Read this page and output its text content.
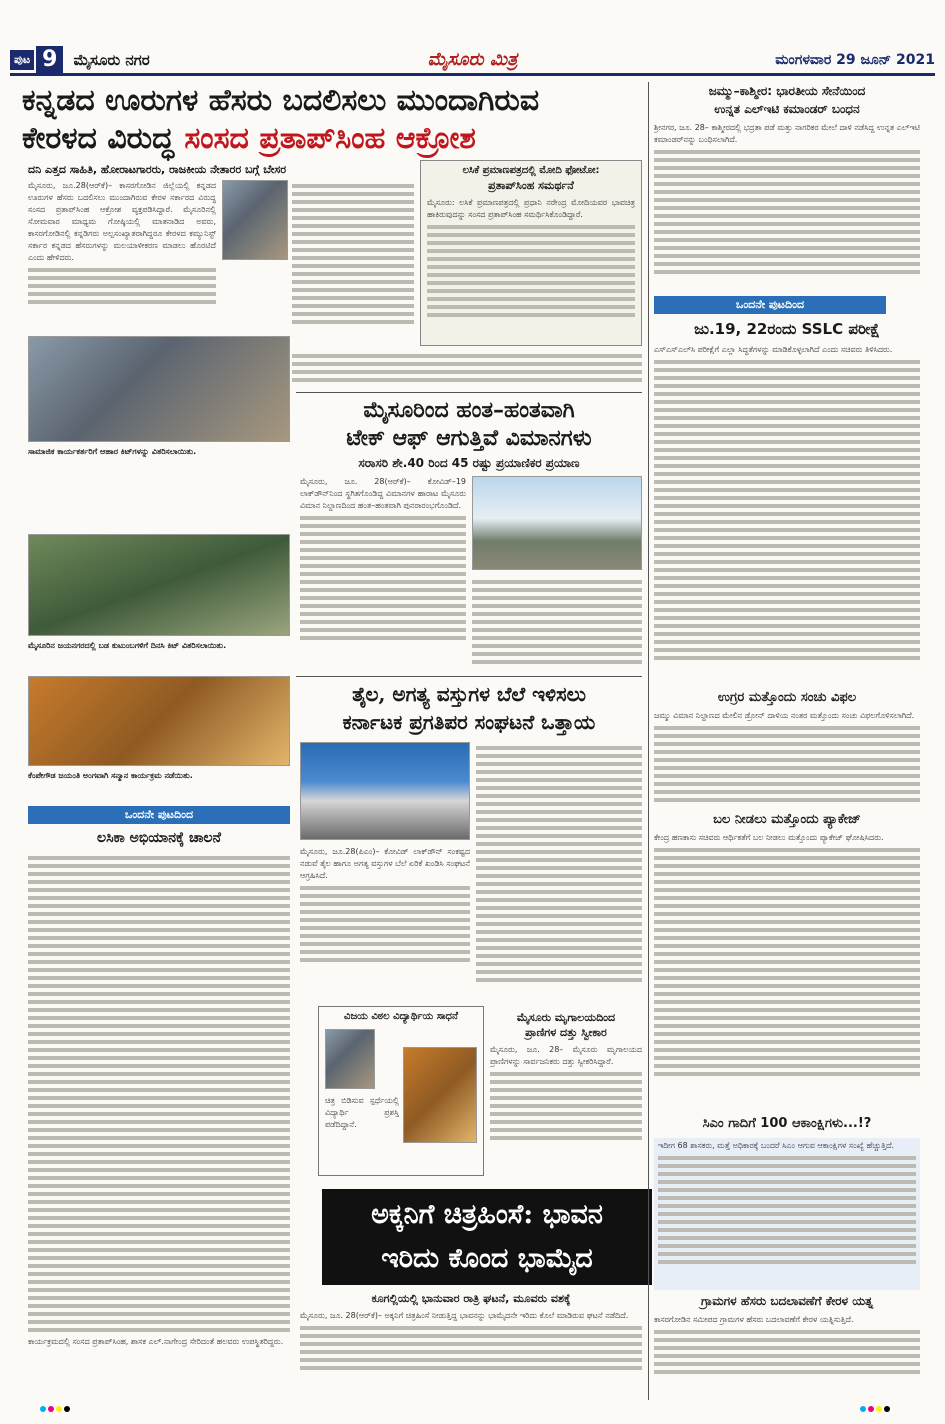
ಪುಟ 9	ಮೈಸೂರು ನಗರ	ಮೈಸೂರು ಮಿತ್ರ	ಮಂಗಳವಾರ 29 ಜೂನ್ 2021
ಕನ್ನಡದ ಊರುಗಳ ಹೆಸರು ಬದಲಿಸಲು ಮುಂದಾಗಿರುವ
ಕೇರಳದ ವಿರುದ್ಧ ಸಂಸದ ಪ್ರತಾಪ್‌ಸಿಂಹ ಆಕ್ರೋಶ
ದನಿ ಎತ್ತದ ಸಾಹಿತಿ, ಹೋರಾಟಗಾರರು, ರಾಜಕೀಯ ನೇತಾರರ ಬಗ್ಗೆ ಬೇಸರ

ಮೈಸೂರು, ಜೂ.28(ಆರ್‌ಕೆ)– ಕಾಸರಗೋಡಿನ ಜಿಲ್ಲೆಯಲ್ಲಿ ಕನ್ನಡದ ಊರುಗಳ ಹೆಸರು ಬದಲಿಸಲು ಮುಂದಾಗಿರುವ ಕೇರಳ ಸರ್ಕಾರದ ವಿರುದ್ಧ ಸಂಸದ ಪ್ರತಾಪ್‌ಸಿಂಹ ಆಕ್ರೋಶ ವ್ಯಕ್ತಪಡಿಸಿದ್ದಾರೆ. ಮೈಸೂರಿನಲ್ಲಿ ಸೋಮವಾರ ಮಾಧ್ಯಮ ಗೋಷ್ಠಿಯಲ್ಲಿ ಮಾತನಾಡಿದ ಅವರು, ಕಾಸರಗೋಡಿನಲ್ಲಿ ಕನ್ನಡಿಗರು ಅಲ್ಪಸಂಖ್ಯಾತರಾಗಿದ್ದರೂ ಕೇರಳದ ಕಮ್ಯುನಿಸ್ಟ್ ಸರ್ಕಾರ ಕನ್ನಡದ ಹೆಸರುಗಳನ್ನು ಮಲಯಾಳೀಕರಣ ಮಾಡಲು ಹೊರಟಿದೆ ಎಂದು ಹೇಳಿದರು.

ಲಸಿಕೆ ಪ್ರಮಾಣಪತ್ರದಲ್ಲಿ ಮೋದಿ ಫೋಟೋ:
ಪ್ರತಾಪ್‌ಸಿಂಹ ಸಮರ್ಥನೆ

ಮೈಸೂರು: ಲಸಿಕೆ ಪ್ರಮಾಣಪತ್ರದಲ್ಲಿ ಪ್ರಧಾನಿ ನರೇಂದ್ರ ಮೋದಿಯವರ ಭಾವಚಿತ್ರ ಹಾಕಿರುವುದನ್ನು ಸಂಸದ ಪ್ರತಾಪ್‌ಸಿಂಹ ಸಮರ್ಥಿಸಿಕೊಂಡಿದ್ದಾರೆ.

ಸಾಮಾಜಿಕ ಕಾರ್ಯಕರ್ತರಿಗೆ ಆಹಾರ ಕಿಟ್‌ಗಳನ್ನು ವಿತರಿಸಲಾಯಿತು.
ಮೈಸೂರಿನ ಜಯನಗರದಲ್ಲಿ ಬಡ ಕುಟುಂಬಗಳಿಗೆ ದಿನಸಿ ಕಿಟ್ ವಿತರಿಸಲಾಯಿತು.
ಕೆಂಪೇಗೌಡ ಜಯಂತಿ ಅಂಗವಾಗಿ ಸನ್ಮಾನ ಕಾರ್ಯಕ್ರಮ ನಡೆಯಿತು.
ಒಂದನೇ ಪುಟದಿಂದ
ಲಸಿಕಾ ಅಭಿಯಾನಕ್ಕೆ ಚಾಲನೆ

ಕಾರ್ಯಕ್ರಮದಲ್ಲಿ ಸಂಸದ ಪ್ರತಾಪ್‌ಸಿಂಹ, ಶಾಸಕ ಎಲ್.ನಾಗೇಂದ್ರ ಸೇರಿದಂತೆ ಹಲವರು ಉಪಸ್ಥಿತರಿದ್ದರು.

ಮೈಸೂರಿಂದ ಹಂತ–ಹಂತವಾಗಿ
ಟೇಕ್ ಆಫ್ ಆಗುತ್ತಿವೆ ವಿಮಾನಗಳು
ಸರಾಸರಿ ಶೇ.40 ರಿಂದ 45 ರಷ್ಟು ಪ್ರಯಾಣಿಕರ ಪ್ರಯಾಣ

ಮೈಸೂರು, ಜೂ. 28(ಆರ್‌ಕೆ)– ಕೋವಿಡ್–19 ಲಾಕ್‌ಡೌನ್‌ನಿಂದ ಸ್ಥಗಿತಗೊಂಡಿದ್ದ ವಿಮಾನಗಳ ಹಾರಾಟ ಮೈಸೂರು ವಿಮಾನ ನಿಲ್ದಾಣದಿಂದ ಹಂತ–ಹಂತವಾಗಿ ಪುನರಾರಂಭಗೊಂಡಿದೆ.

ತೈಲ, ಅಗತ್ಯ ವಸ್ತುಗಳ ಬೆಲೆ ಇಳಿಸಲು
ಕರ್ನಾಟಕ ಪ್ರಗತಿಪರ ಸಂಘಟನೆ ಒತ್ತಾಯ

ಮೈಸೂರು, ಜೂ.28(ಪಿಎಂ)– ಕೋವಿಡ್ ಲಾಕ್‌ಡೌನ್ ಸಂಕಷ್ಟದ ನಡುವೆ ತೈಲ ಹಾಗೂ ಅಗತ್ಯ ವಸ್ತುಗಳ ಬೆಲೆ ಏರಿಕೆ ಖಂಡಿಸಿ ಸಂಘಟನೆ ಆಗ್ರಹಿಸಿದೆ.

ವಿಜಯ ವಿಠಲ ವಿದ್ಯಾರ್ಥಿಯ ಸಾಧನೆ

ಚಿತ್ರ ಬಿಡಿಸುವ ಸ್ಪರ್ಧೆಯಲ್ಲಿ ವಿದ್ಯಾರ್ಥಿ ಪ್ರಶಸ್ತಿ ಪಡೆದಿದ್ದಾನೆ.

ಮೈಸೂರು ಮೃಗಾಲಯದಿಂದ
ಪ್ರಾಣಿಗಳ ದತ್ತು ಸ್ವೀಕಾರ

ಮೈಸೂರು, ಜೂ. 28– ಮೈಸೂರು ಮೃಗಾಲಯದ ಪ್ರಾಣಿಗಳನ್ನು ಸಾರ್ವಜನಿಕರು ದತ್ತು ಸ್ವೀಕರಿಸಿದ್ದಾರೆ.

ಅಕ್ಕನಿಗೆ ಚಿತ್ರಹಿಂಸೆ: ಭಾವನ
ಇರಿದು ಕೊಂದ ಭಾಮೈದ
ಕೂಗಲ್ಲಿಯಲ್ಲಿ ಭಾನುವಾರ ರಾತ್ರಿ ಘಟನೆ, ಮೂವರು ವಶಕ್ಕೆ

ಮೈಸೂರು, ಜೂ. 28(ಆರ್‌ಕೆ)– ಅಕ್ಕನಿಗೆ ಚಿತ್ರಹಿಂಸೆ ನೀಡುತ್ತಿದ್ದ ಭಾವನನ್ನು ಭಾಮೈದನೇ ಇರಿದು ಕೊಲೆ ಮಾಡಿರುವ ಘಟನೆ ನಡೆದಿದೆ.

ಜಮ್ಮು–ಕಾಶ್ಮೀರ: ಭಾರತೀಯ ಸೇನೆಯಿಂದ
ಉನ್ನತ ಎಲ್‌ಇಟಿ ಕಮಾಂಡರ್ ಬಂಧನ

ಶ್ರೀನಗರ, ಜೂ. 28– ಕಾಶ್ಮೀರದಲ್ಲಿ ಭದ್ರತಾ ಪಡೆ ಮತ್ತು ನಾಗರಿಕರ ಮೇಲೆ ದಾಳಿ ನಡೆಸಿದ್ದ ಉನ್ನತ ಎಲ್‌ಇಟಿ ಕಮಾಂಡರ್‌ನನ್ನು ಬಂಧಿಸಲಾಗಿದೆ.

ಒಂದನೇ ಪುಟದಿಂದ
ಜು.19, 22ರಂದು SSLC ಪರೀಕ್ಷೆ

ಎಸ್‌ಎಸ್‌ಎಲ್‌ಸಿ ಪರೀಕ್ಷೆಗೆ ಎಲ್ಲಾ ಸಿದ್ಧತೆಗಳನ್ನು ಮಾಡಿಕೊಳ್ಳಲಾಗಿದೆ ಎಂದು ಸಚಿವರು ತಿಳಿಸಿದರು.

ಉಗ್ರರ ಮತ್ತೊಂದು ಸಂಚು ವಿಫಲ

ಜಮ್ಮು ವಿಮಾನ ನಿಲ್ದಾಣದ ಮೇಲಿನ ಡ್ರೋನ್ ದಾಳಿಯ ನಂತರ ಮತ್ತೊಂದು ಸಂಚು ವಿಫಲಗೊಳಿಸಲಾಗಿದೆ.

ಬಲ ನೀಡಲು ಮತ್ತೊಂದು ಪ್ಯಾಕೇಜ್

ಕೇಂದ್ರ ಹಣಕಾಸು ಸಚಿವರು ಆರ್ಥಿಕತೆಗೆ ಬಲ ನೀಡಲು ಮತ್ತೊಂದು ಪ್ಯಾಕೇಜ್ ಘೋಷಿಸಿದರು.

ಸಿಎಂ ಗಾದಿಗೆ 100 ಆಕಾಂಕ್ಷಿಗಳು...!?

ಇದೀಗ 68 ಶಾಸಕರು, ಮತ್ತೆ ಅಧಿಕಾರಕ್ಕೆ ಬಂದರೆ ಸಿಎಂ ಆಗುವ ಆಕಾಂಕ್ಷಿಗಳ ಸಂಖ್ಯೆ ಹೆಚ್ಚುತ್ತಿದೆ.

ಗ್ರಾಮಗಳ ಹೆಸರು ಬದಲಾವಣೆಗೆ ಕೇರಳ ಯತ್ನ

ಕಾಸರಗೋಡಿನ ಸಮೀಪದ ಗ್ರಾಮಗಳ ಹೆಸರು ಬದಲಾವಣೆಗೆ ಕೇರಳ ಯತ್ನಿಸುತ್ತಿದೆ.
